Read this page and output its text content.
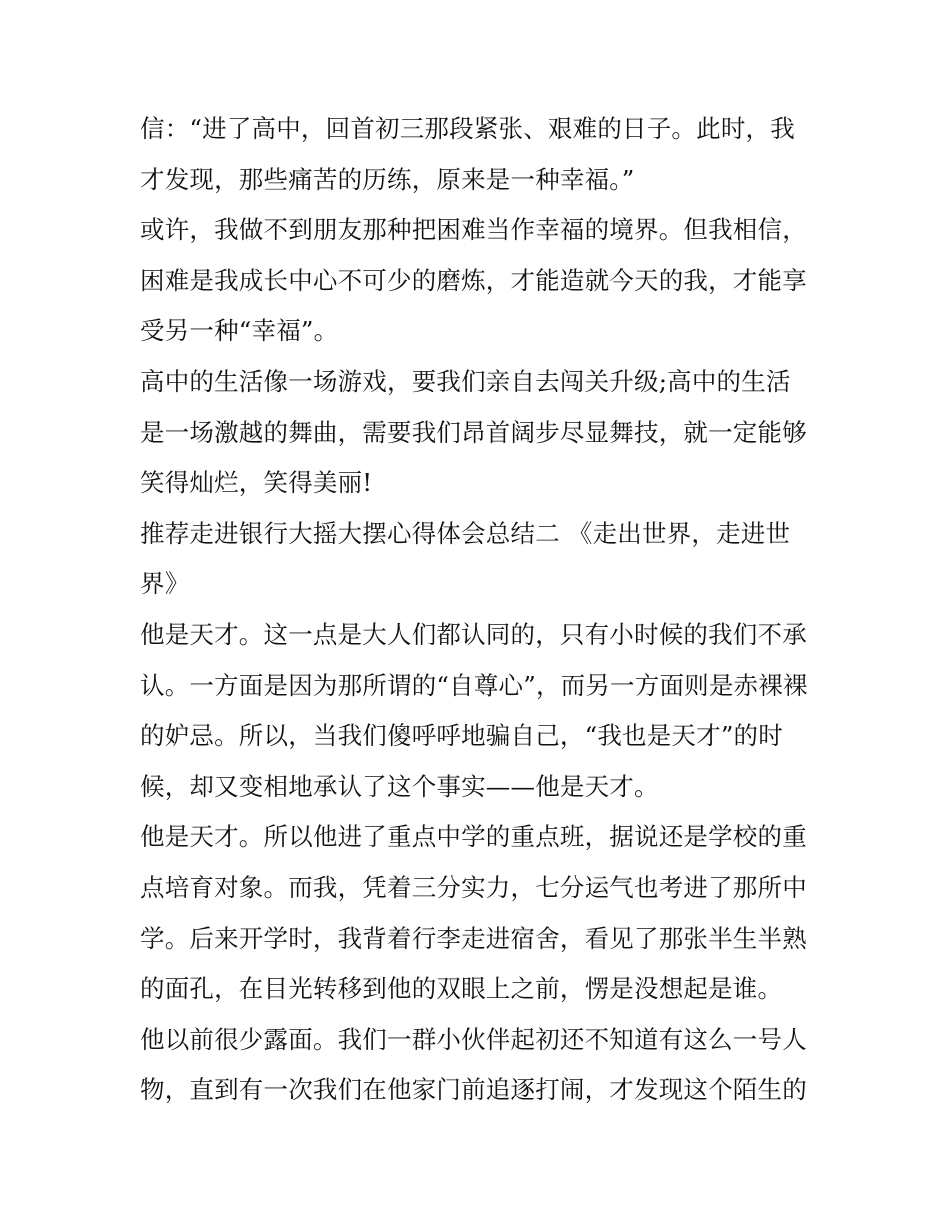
信：“进了高中，回首初三那段紧张、艰难的日子。此时，我
才发现，那些痛苦的历练，原来是一种幸福。”
或许，我做不到朋友那种把困难当作幸福的境界。但我相信，
困难是我成长中心不可少的磨炼，才能造就今天的我，才能享
受另一种“幸福”。
高中的生活像一场游戏，要我们亲自去闯关升级;高中的生活
是一场激越的舞曲，需要我们昂首阔步尽显舞技，就一定能够
笑得灿烂，笑得美丽!
推荐走进银行大摇大摆心得体会总结二 《走出世界，走进世
界》
他是天才。这一点是大人们都认同的，只有小时候的我们不承
认。一方面是因为那所谓的“自尊心”，而另一方面则是赤裸裸
的妒忌。所以，当我们傻呼呼地骗自己，“我也是天才”的时
候，却又变相地承认了这个事实——他是天才。
他是天才。所以他进了重点中学的重点班，据说还是学校的重
点培育对象。而我，凭着三分实力，七分运气也考进了那所中
学。后来开学时，我背着行李走进宿舍，看见了那张半生半熟
的面孔，在目光转移到他的双眼上之前，愣是没想起是谁。
他以前很少露面。我们一群小伙伴起初还不知道有这么一号人
物，直到有一次我们在他家门前追逐打闹，才发现这个陌生的
